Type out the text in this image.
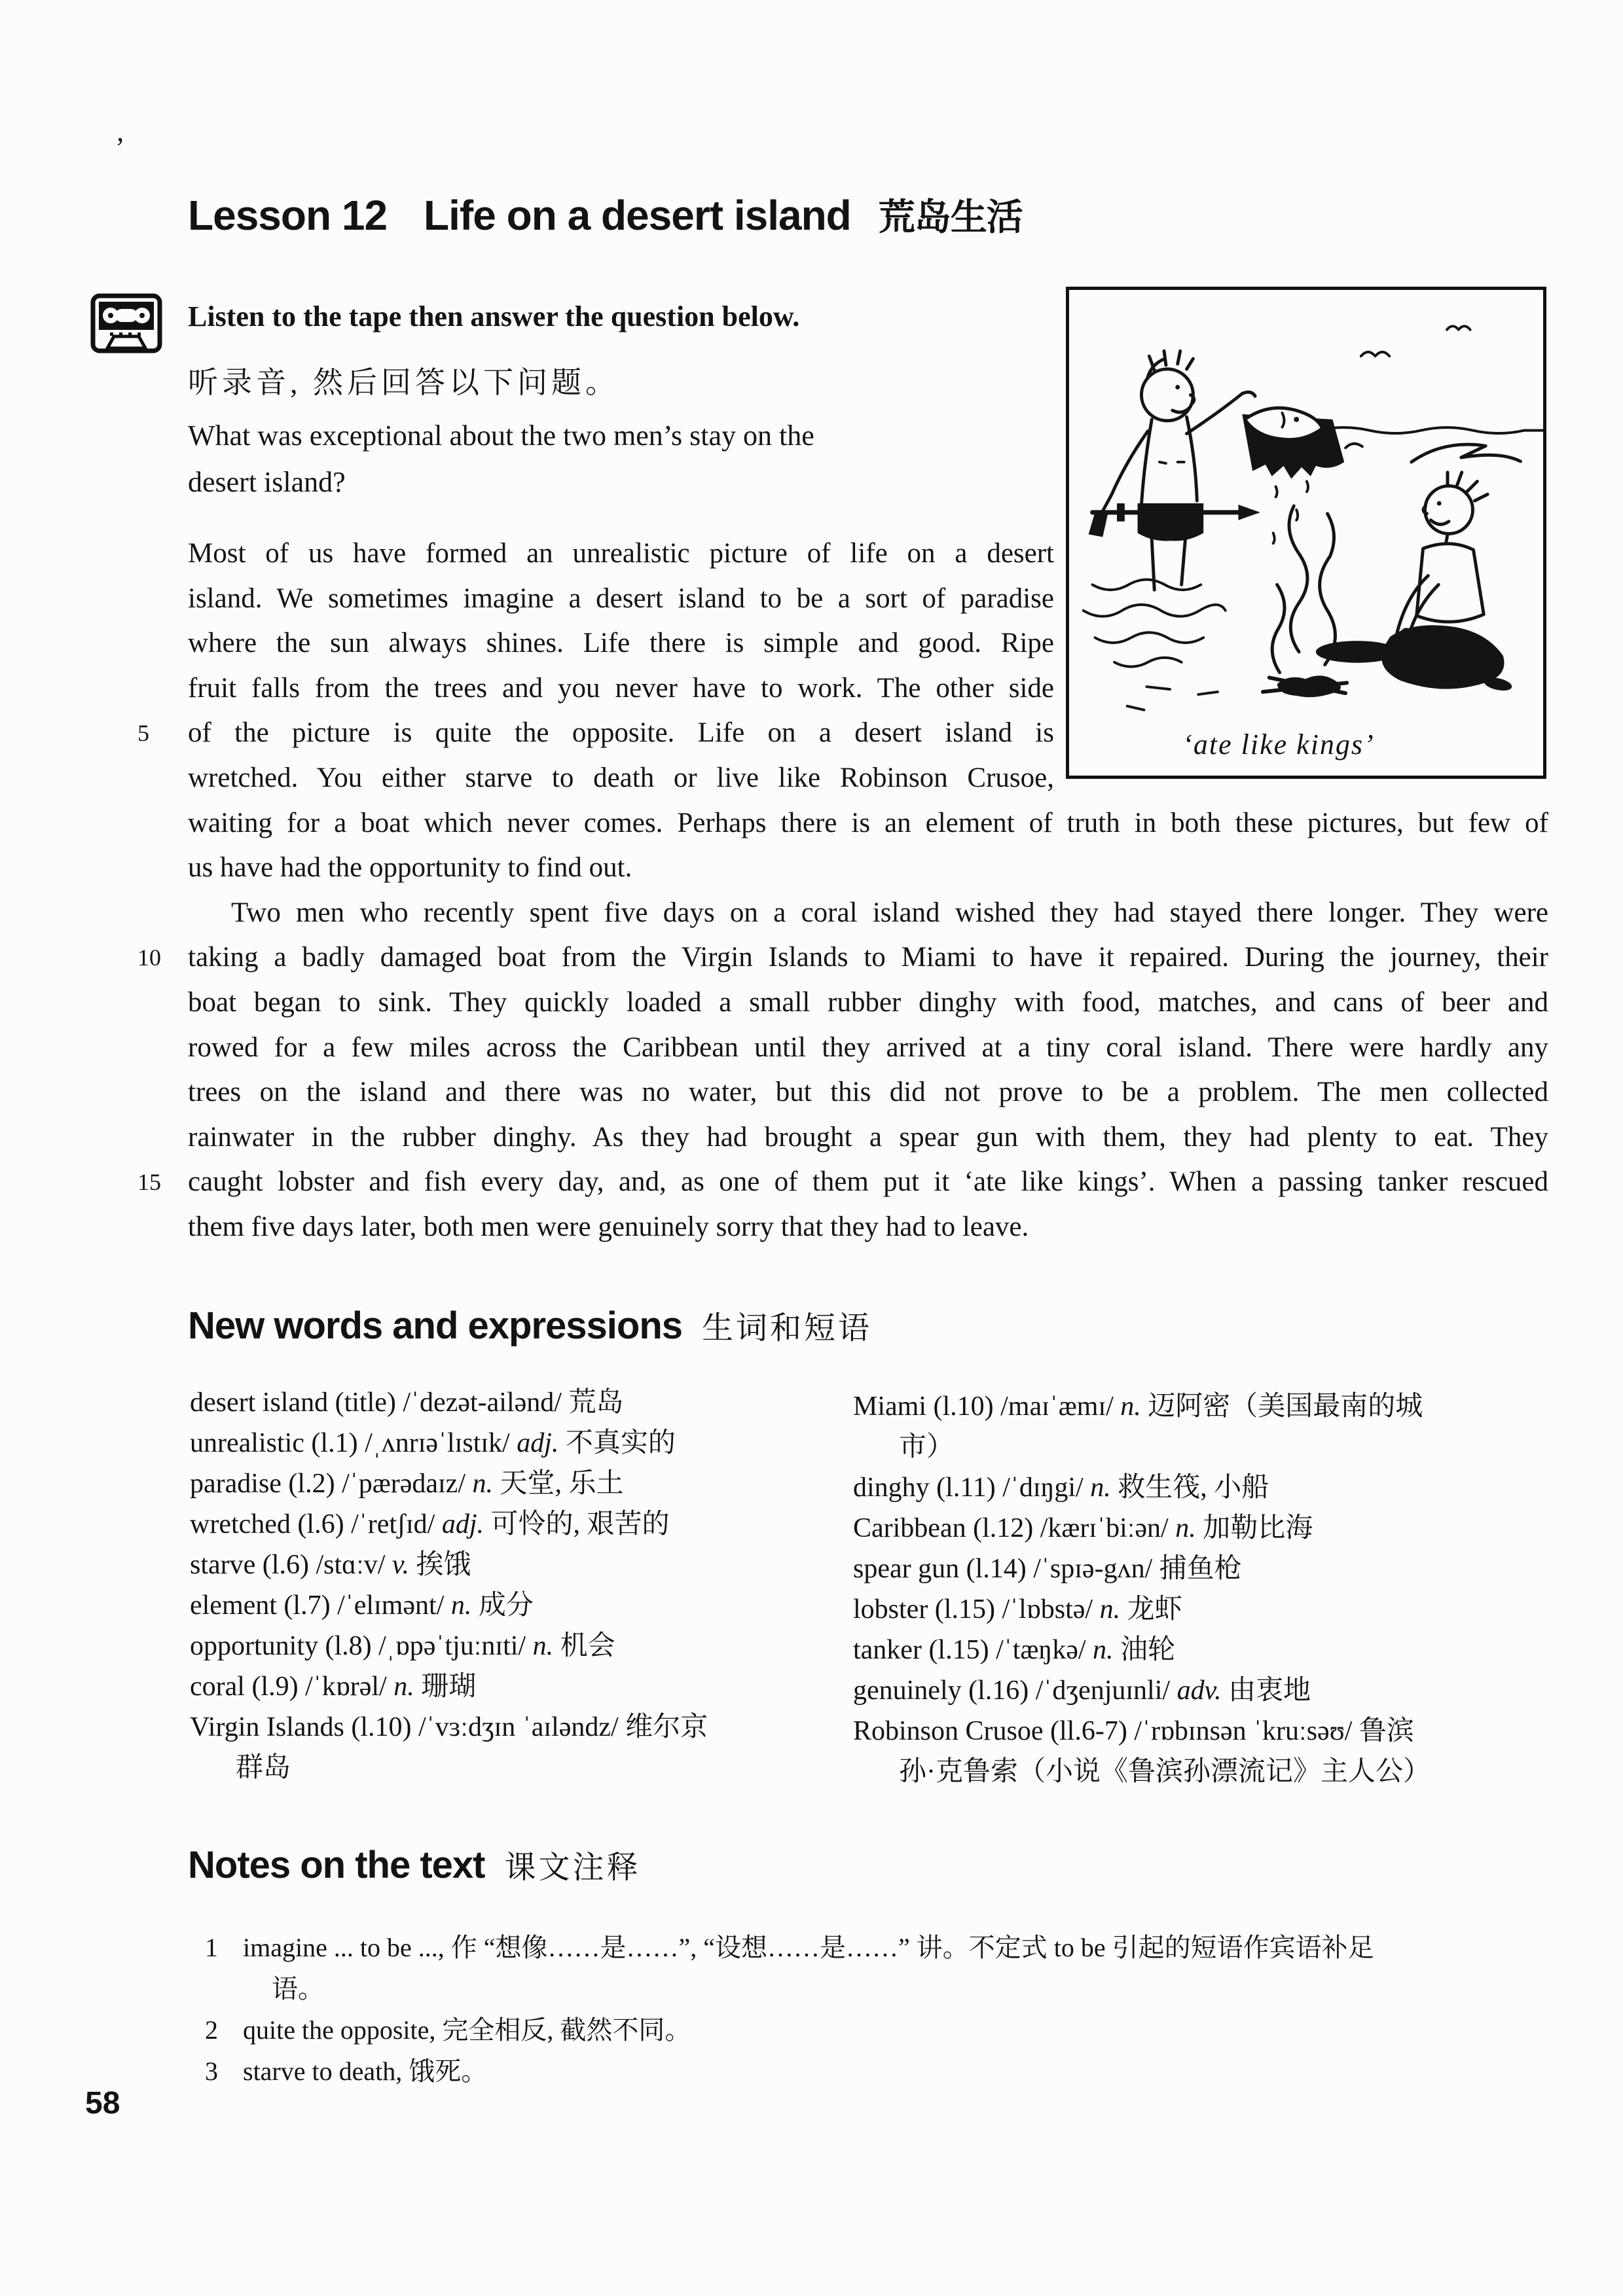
’
Lesson 12 Life on a desert island 荒岛生活
Listen to the tape then answer the question below.
听录音, 然后回答以下问题。
What was exceptional about the two men’s stay on the
desert island?
‘ate like kings’
Most of us have formed an unrealistic picture of life on a desert
island. We sometimes imagine a desert island to be a sort of paradise
where the sun always shines. Life there is simple and good. Ripe
fruit falls from the trees and you never have to work. The other side
5	of the picture is quite the opposite. Life on a desert island is
wretched. You either starve to death or live like Robinson Crusoe,
waiting for a boat which never comes. Perhaps there is an element of truth in both these pictures, but few of
us have had the opportunity to find out.
Two men who recently spent five days on a coral island wished they had stayed there longer. They were
10 taking a badly damaged boat from the Virgin Islands to Miami to have it repaired. During the journey, their
boat began to sink. They quickly loaded a small rubber dinghy with food, matches, and cans of beer and
rowed for a few miles across the Caribbean until they arrived at a tiny coral island. There were hardly any
trees on the island and there was no water, but this did not prove to be a problem. The men collected
rainwater in the rubber dinghy. As they had brought a spear gun with them, they had plenty to eat. They
15 caught lobster and fish every day, and, as one of them put it ‘ate like kings’. When a passing tanker rescued
them five days later, both men were genuinely sorry that they had to leave.
New words and expressions 生词和短语
desert island (title) /ˈdezət-ailənd/ 荒岛
unrealistic (l.1) /ˌʌnrɪəˈlɪstɪk/ adj. 不真实的
paradise (l.2) /ˈpærədaɪz/ n. 天堂, 乐土
wretched (l.6) /ˈretʃɪd/ adj. 可怜的, 艰苦的
starve (l.6) /stɑːv/ v. 挨饿
element (l.7) /ˈelɪmənt/ n. 成分
opportunity (l.8) /ˌɒpəˈtjuːnɪti/ n. 机会
coral (l.9) /ˈkɒrəl/ n. 珊瑚
Virgin Islands (l.10) /ˈvɜːdʒɪn ˈaɪləndz/ 维尔京
群岛
Miami (l.10) /maɪˈæmɪ/ n. 迈阿密（美国最南的城
市）
dinghy (l.11) /ˈdɪŋgi/ n. 救生筏, 小船
Caribbean (l.12) /kærɪˈbiːən/ n. 加勒比海
spear gun (l.14) /ˈspɪə-gʌn/ 捕鱼枪
lobster (l.15) /ˈlɒbstə/ n. 龙虾
tanker (l.15) /ˈtæŋkə/ n. 油轮
genuinely (l.16) /ˈdʒenjuɪnli/ adv. 由衷地
Robinson Crusoe (ll.6-7) /ˈrɒbɪnsən ˈkruːsəʊ/ 鲁滨
孙·克鲁索（小说《鲁滨孙漂流记》主人公）
Notes on the text 课文注释
1 imagine ... to be ..., 作 “想像……是……”, “设想……是……” 讲。不定式 to be 引起的短语作宾语补足
语。
2 quite the opposite, 完全相反, 截然不同。
3 starve to death, 饿死。
58
